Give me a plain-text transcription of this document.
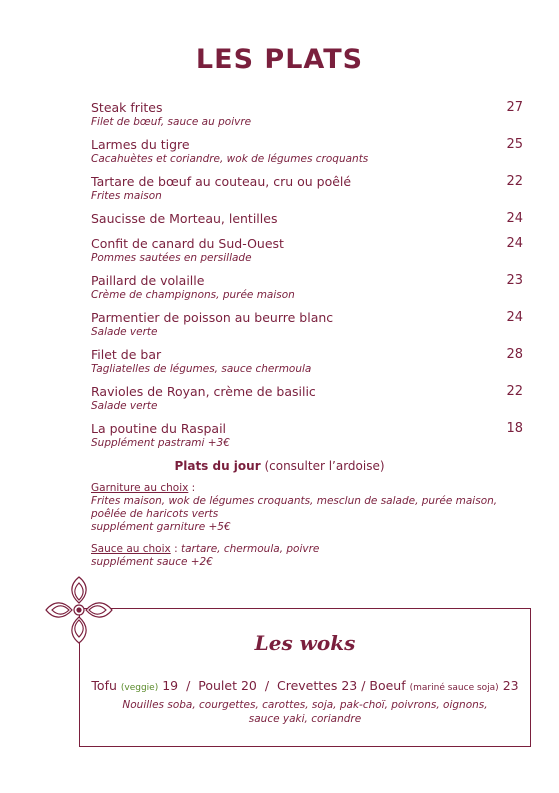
LES PLATS
Steak frites
Filet de bœuf, sauce au poivre
27
Larmes du tigre
Cacahuètes et coriandre, wok de légumes croquants
25
Tartare de bœuf au couteau, cru ou poêlé
Frites maison
22
Saucisse de Morteau, lentilles	24
Confit de canard du Sud-Ouest
Pommes sautées en persillade
24
Paillard de volaille
Crème de champignons, purée maison
23
Parmentier de poisson au beurre blanc
Salade verte
24
Filet de bar
Tagliatelles de légumes, sauce chermoula
28
Ravioles de Royan, crème de basilic
Salade verte
22
La poutine du Raspail
Supplément pastrami +3€
18
Plats du jour (consulter l’ardoise)

Garniture au choix :
Frites maison, wok de légumes croquants, mesclun de salade, purée maison,
poêlée de haricots verts
supplément garniture +5€

Sauce au choix : tartare, chermoula, poivre
supplément sauce +2€

Les woks
Tofu (veggie) 19 / Poulet 20 / Crevettes 23 / Boeuf (mariné sauce soja) 23
Nouilles soba, courgettes, carottes, soja, pak-choï, poivrons, oignons,
sauce yaki, coriandre
